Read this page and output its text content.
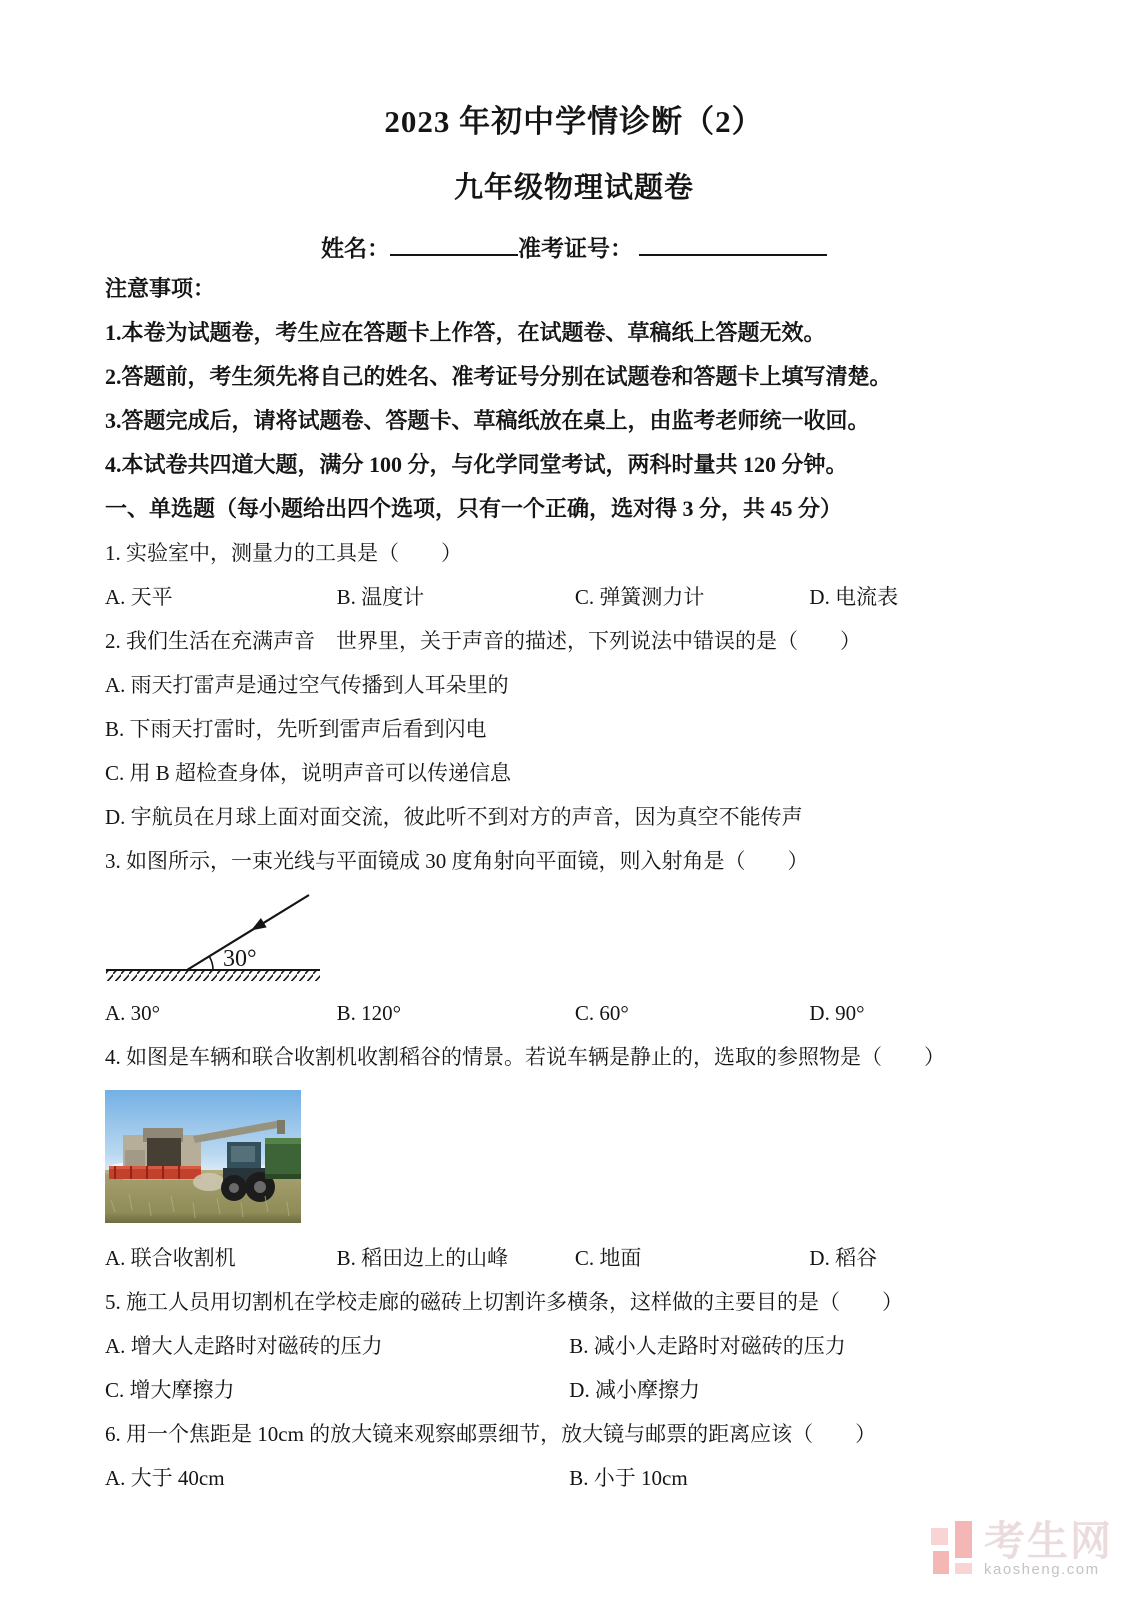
2023 年初中学情诊断（2）
九年级物理试题卷
姓名：	准考证号：

注意事项：

1.本卷为试题卷，考生应在答题卡上作答，在试题卷、草稿纸上答题无效。

2.答题前，考生须先将自己的姓名、准考证号分别在试题卷和答题卡上填写清楚。

3.答题完成后，请将试题卷、答题卡、草稿纸放在桌上，由监考老师统一收回。

4.本试卷共四道大题，满分 100 分，与化学同堂考试，两科时量共 120 分钟。

一、单选题（每小题给出四个选项，只有一个正确，选对得 3 分，共 45 分）

1. 实验室中，测量力的工具是（　　）

A. 天平	B. 温度计	C. 弹簧测力计	D. 电流表

2. 我们生活在充满声音　世界里，关于声音的描述，下列说法中错误的是（　　）

A. 雨天打雷声是通过空气传播到人耳朵里的

B. 下雨天打雷时，先听到雷声后看到闪电

C. 用 B 超检查身体，说明声音可以传递信息

D. 宇航员在月球上面对面交流，彼此听不到对方的声音，因为真空不能传声

3. 如图所示，一束光线与平面镜成 30 度角射向平面镜，则入射角是（　　）

30°
A. 30°	B. 120°	C. 60°	D. 90°

4. 如图是车辆和联合收割机收割稻谷的情景。若说车辆是静止的，选取的参照物是（　　）

A. 联合收割机	B. 稻田边上的山峰	C. 地面	D. 稻谷

5. 施工人员用切割机在学校走廊的磁砖上切割许多横条，这样做的主要目的是（　　）

A. 增大人走路时对磁砖的压力	B. 减小人走路时对磁砖的压力
C. 增大摩擦力	D. 减小摩擦力

6. 用一个焦距是 10cm 的放大镜来观察邮票细节，放大镜与邮票的距离应该（　　）

A. 大于 40cm	B. 小于 10cm
考生网
kaosheng.com
